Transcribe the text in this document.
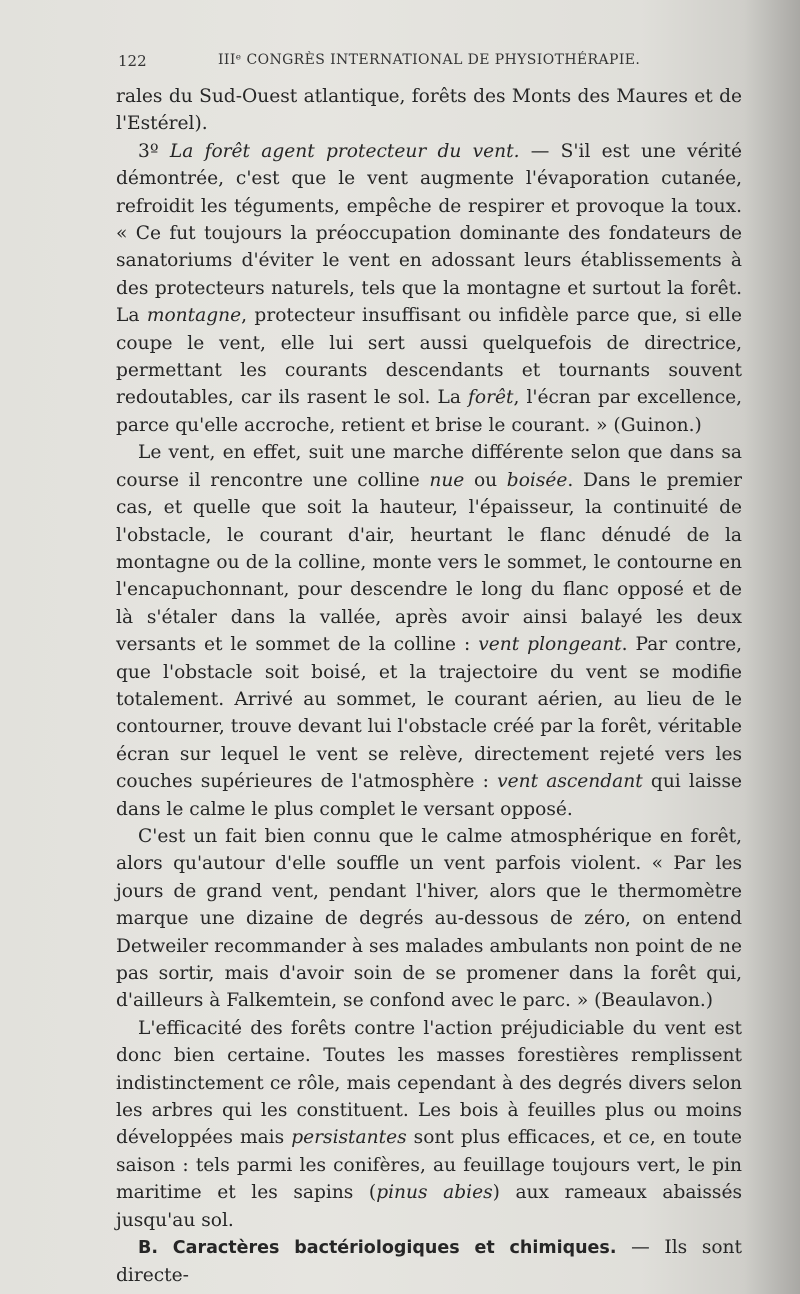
122	IIIᵉ CONGRÈS INTERNATIONAL DE PHYSIOTHÉRAPIE.

rales du Sud-Ouest atlantique, forêts des Monts des Maures et de l'Estérel).

3º La forêt agent protecteur du vent. — S'il est une vérité démontrée, c'est que le vent augmente l'évaporation cutanée, refroidit les téguments, empêche de respirer et provoque la toux. « Ce fut toujours la préoccupation dominante des fondateurs de sanatoriums d'éviter le vent en adossant leurs établissements à des protecteurs naturels, tels que la montagne et surtout la forêt. La montagne, protecteur insuffisant ou infidèle parce que, si elle coupe le vent, elle lui sert aussi quelquefois de directrice, permettant les courants descendants et tournants souvent redoutables, car ils rasent le sol. La forêt, l'écran par excellence, parce qu'elle accroche, retient et brise le courant. » (Guinon.)

Le vent, en effet, suit une marche différente selon que dans sa course il rencontre une colline nue ou boisée. Dans le premier cas, et quelle que soit la hauteur, l'épaisseur, la continuité de l'obstacle, le courant d'air, heurtant le flanc dénudé de la montagne ou de la colline, monte vers le sommet, le contourne en l'encapuchonnant, pour descendre le long du flanc opposé et de là s'étaler dans la vallée, après avoir ainsi balayé les deux versants et le sommet de la colline : vent plongeant. Par contre, que l'obstacle soit boisé, et la trajectoire du vent se modifie totalement. Arrivé au sommet, le courant aérien, au lieu de le contourner, trouve devant lui l'obstacle créé par la forêt, véritable écran sur lequel le vent se relève, directement rejeté vers les couches supérieures de l'atmosphère : vent ascendant qui laisse dans le calme le plus complet le versant opposé.

C'est un fait bien connu que le calme atmosphérique en forêt, alors qu'autour d'elle souffle un vent parfois violent. « Par les jours de grand vent, pendant l'hiver, alors que le thermomètre marque une dizaine de degrés au-dessous de zéro, on entend Detweiler recommander à ses malades ambulants non point de ne pas sortir, mais d'avoir soin de se promener dans la forêt qui, d'ailleurs à Falkemtein, se confond avec le parc. » (Beaulavon.)

L'efficacité des forêts contre l'action préjudiciable du vent est donc bien certaine. Toutes les masses forestières remplissent indistinctement ce rôle, mais cependant à des degrés divers selon les arbres qui les constituent. Les bois à feuilles plus ou moins développées mais persistantes sont plus efficaces, et ce, en toute saison : tels parmi les conifères, au feuillage toujours vert, le pin maritime et les sapins (pinus abies) aux rameaux abaissés jusqu'au sol.

B. Caractères bactériologiques et chimiques. — Ils sont directe-
